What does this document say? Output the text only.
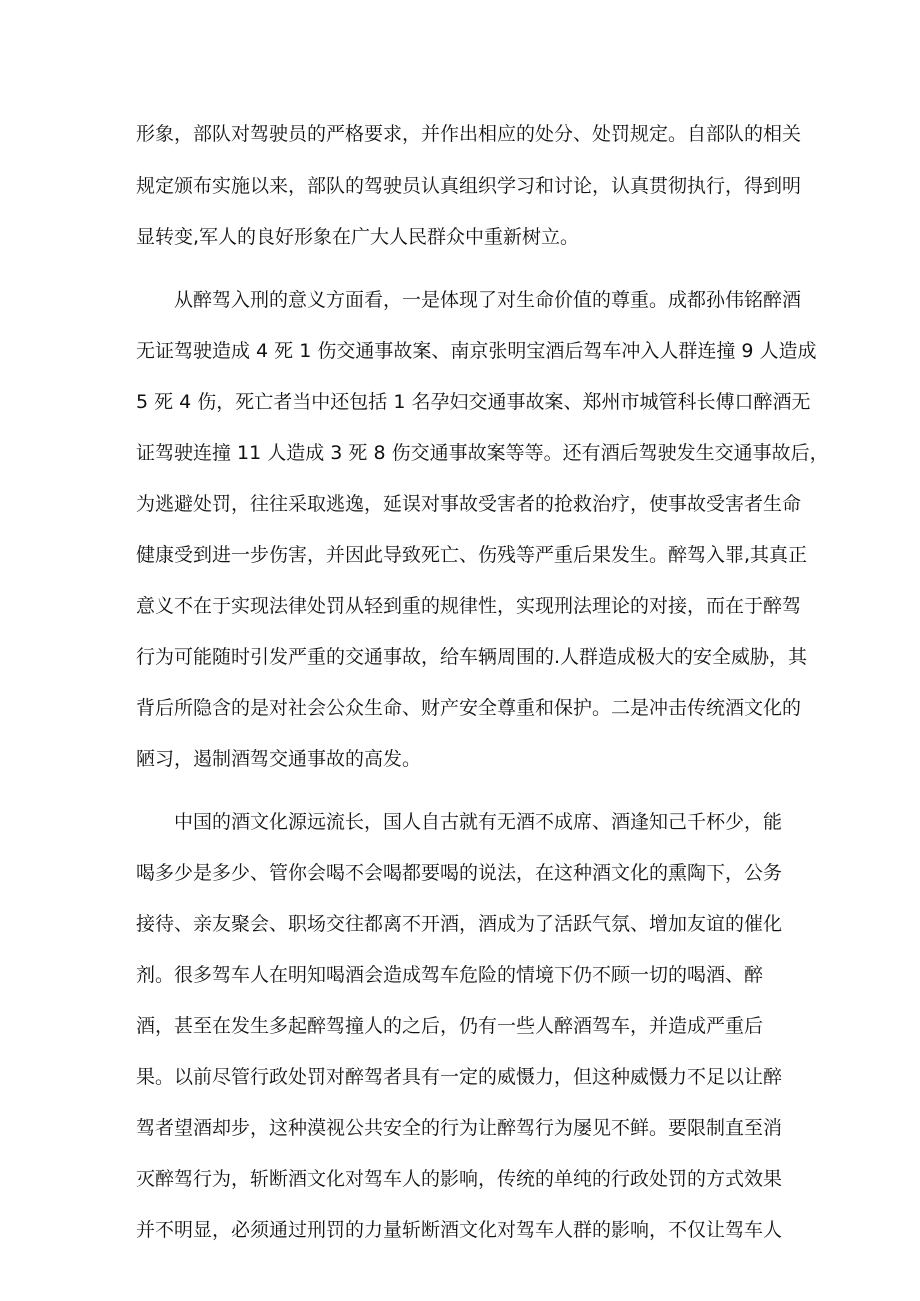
形象，部队对驾驶员的严格要求，并作出相应的处分、处罚规定。自部队的相关
规定颁布实施以来，部队的驾驶员认真组织学习和讨论，认真贯彻执行，得到明
显转变,军人的良好形象在广大人民群众中重新树立。
从醉驾入刑的意义方面看，一是体现了对生命价值的尊重。成都孙伟铭醉酒
无证驾驶造成 4 死 1 伤交通事故案、南京张明宝酒后驾车冲入人群连撞 9 人造成
5 死 4 伤，死亡者当中还包括 1 名孕妇交通事故案、郑州市城管科长傅口醉酒无
证驾驶连撞 11 人造成 3 死 8 伤交通事故案等等。还有酒后驾驶发生交通事故后，
为逃避处罚，往往采取逃逸，延误对事故受害者的抢救治疗，使事故受害者生命
健康受到进一步伤害，并因此导致死亡、伤残等严重后果发生。醉驾入罪,其真正
意义不在于实现法律处罚从轻到重的规律性，实现刑法理论的对接，而在于醉驾
行为可能随时引发严重的交通事故，给车辆周围的.人群造成极大的安全威胁，其
背后所隐含的是对社会公众生命、财产安全尊重和保护。二是冲击传统酒文化的
陋习，遏制酒驾交通事故的高发。
中国的酒文化源远流长，国人自古就有无酒不成席、酒逢知己千杯少，能
喝多少是多少、管你会喝不会喝都要喝的说法，在这种酒文化的熏陶下，公务
接待、亲友聚会、职场交往都离不开酒，酒成为了活跃气氛、增加友谊的催化
剂。很多驾车人在明知喝酒会造成驾车危险的情境下仍不顾一切的喝酒、醉
酒，甚至在发生多起醉驾撞人的之后，仍有一些人醉酒驾车，并造成严重后
果。以前尽管行政处罚对醉驾者具有一定的威慑力，但这种威慑力不足以让醉
驾者望酒却步，这种漠视公共安全的行为让醉驾行为屡见不鲜。要限制直至消
灭醉驾行为，斩断酒文化对驾车人的影响，传统的单纯的行政处罚的方式效果
并不明显，必须通过刑罚的力量斩断酒文化对驾车人群的影响，不仅让驾车人
